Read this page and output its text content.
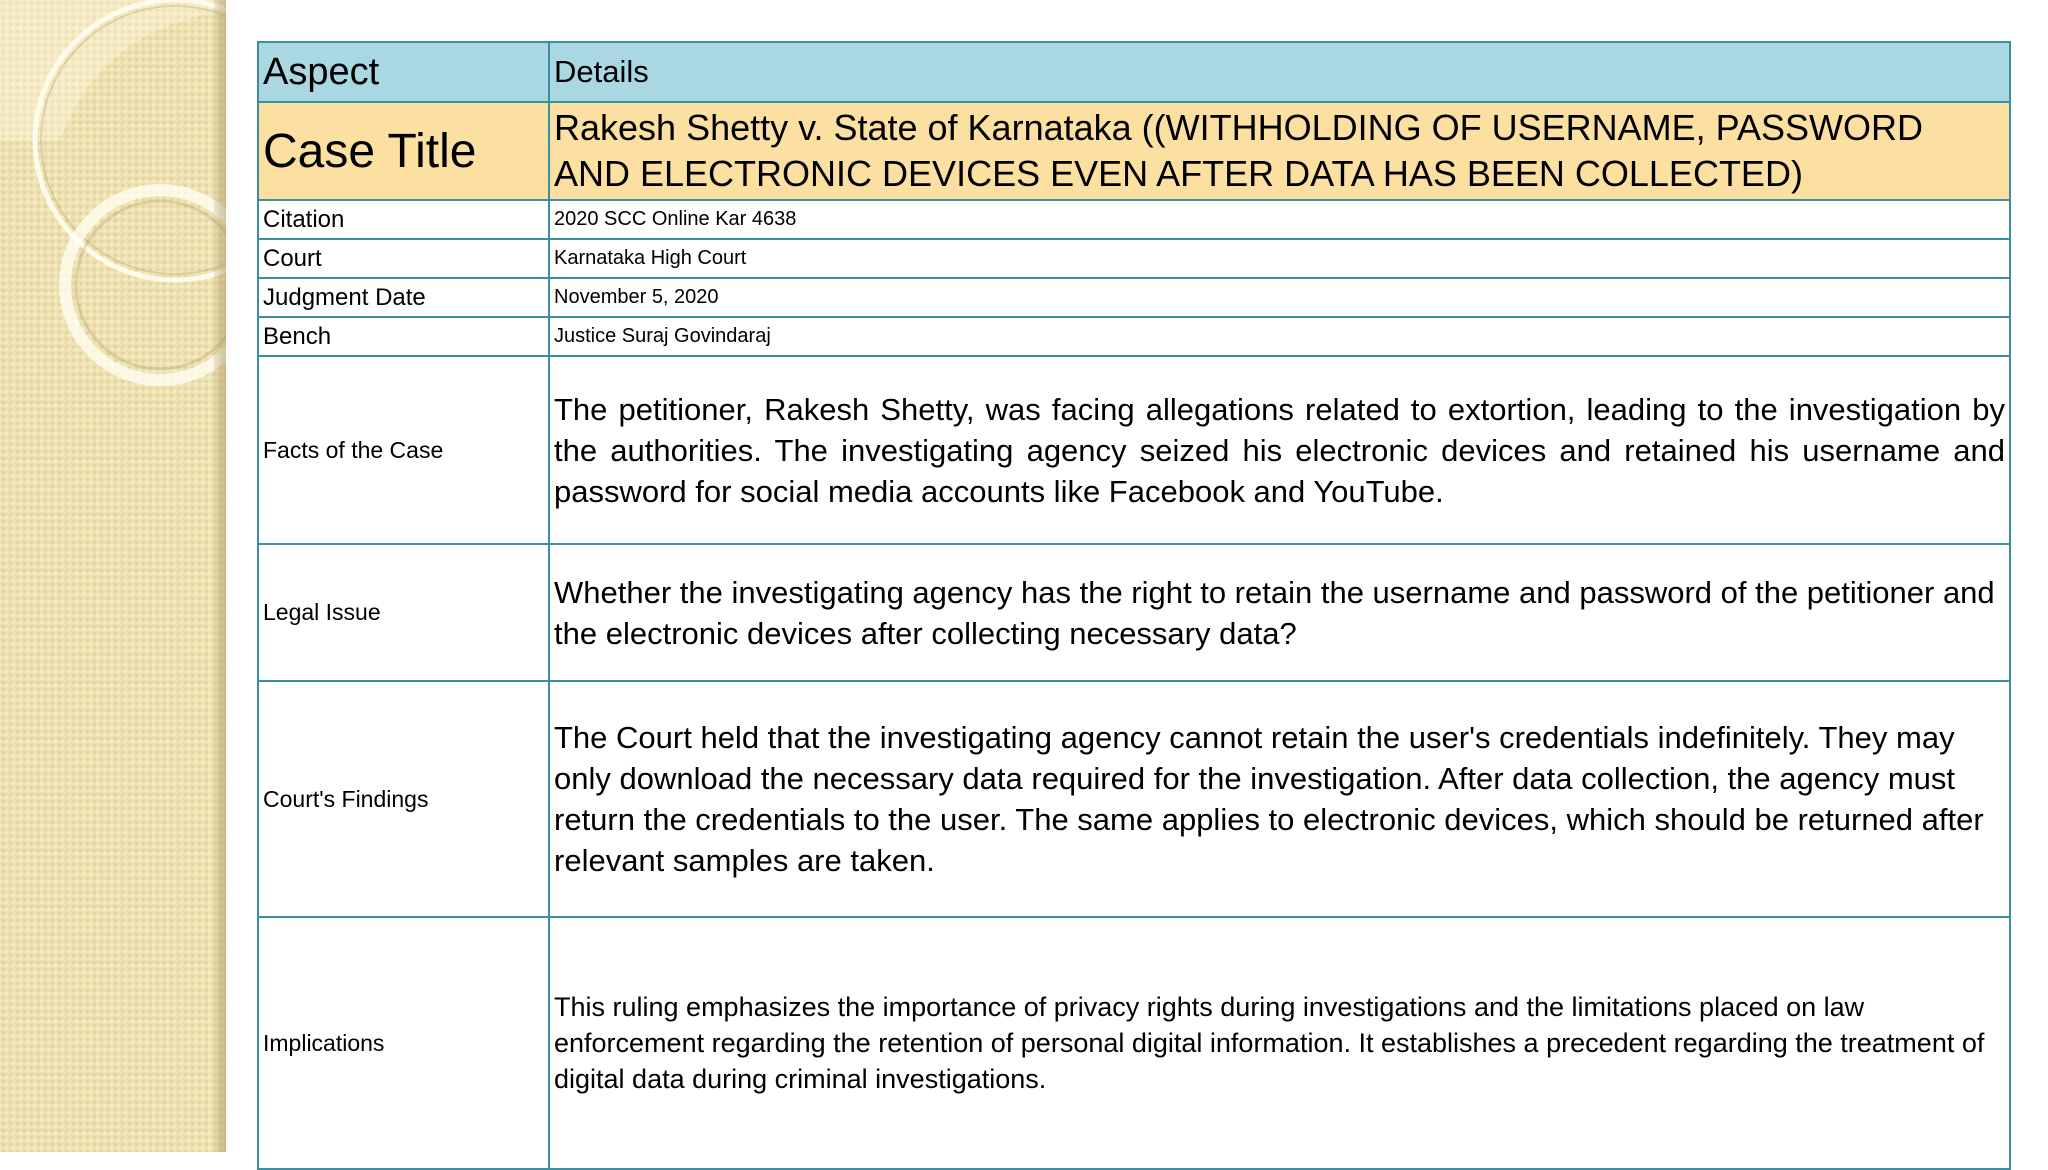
Aspect	Details
Case Title	Rakesh Shetty v. State of Karnataka ((WITHHOLDING OF USERNAME, PASSWORD AND ELECTRONIC DEVICES EVEN AFTER DATA HAS BEEN COLLECTED)
Citation	2020 SCC Online Kar 4638
Court	Karnataka High Court
Judgment Date	November 5, 2020
Bench	Justice Suraj Govindaraj
Facts of the Case	The petitioner, Rakesh Shetty, was facing allegations related to extortion, leading to the investigation by the authorities. The investigating agency seized his electronic devices and retained his username and password for social media accounts like Facebook and YouTube.
Legal Issue	Whether the investigating agency has the right to retain the username and password of the petitioner and the electronic devices after collecting necessary data?
Court's Findings	The Court held that the investigating agency cannot retain the user's credentials indefinitely. They may only download the necessary data required for the investigation. After data collection, the agency must return the credentials to the user. The same applies to electronic devices, which should be returned after relevant samples are taken.
Implications	This ruling emphasizes the importance of privacy rights during investigations and the limitations placed on law enforcement regarding the retention of personal digital information. It establishes a precedent regarding the treatment of digital data during criminal investigations.
